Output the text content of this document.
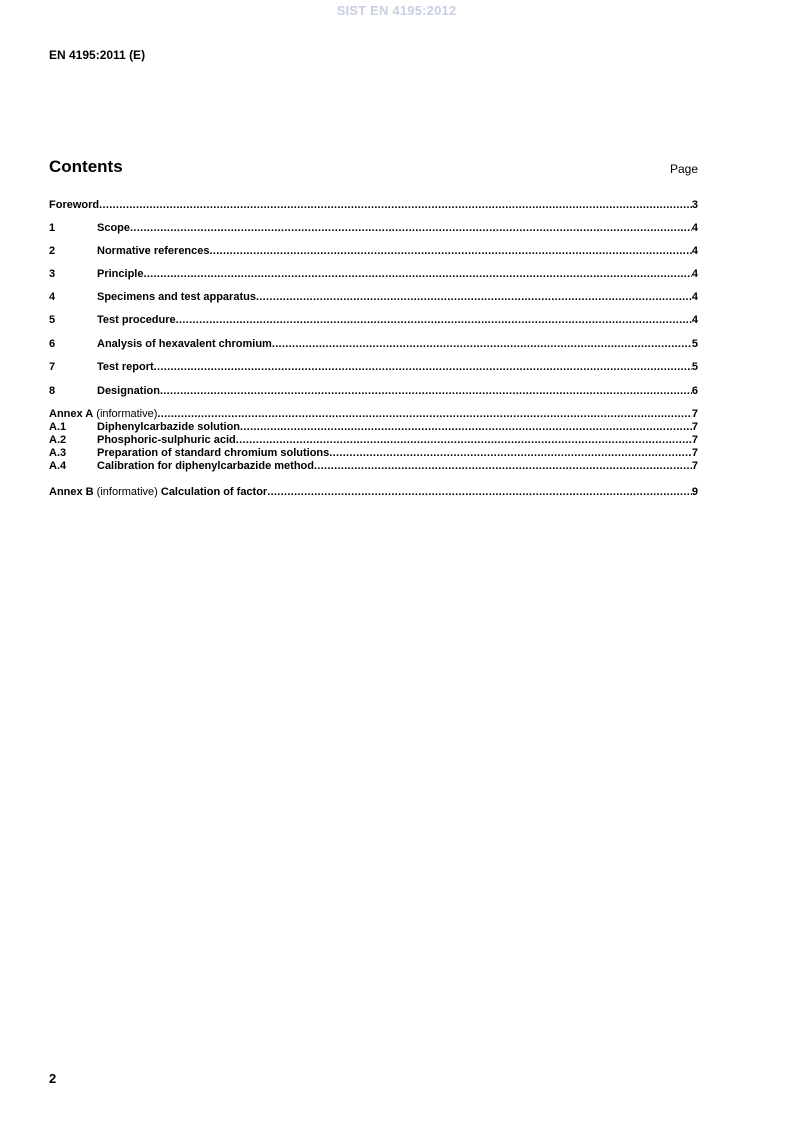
SIST EN 4195:2012
EN 4195:2011 (E)
Contents	Page
Foreword .....	3
1	Scope .....	4
2	Normative references .....	4
3	Principle .....	4
4	Specimens and test apparatus .....	4
5	Test procedure .....	4
6	Analysis of hexavalent chromium .....	5
7	Test report .....	5
8	Designation .....	6
Annex A (informative) .....	7
A.1	Diphenylcarbazide solution .....	7
A.2	Phosphoric-sulphuric acid .....	7
A.3	Preparation of standard chromium solutions .....	7
A.4	Calibration for diphenylcarbazide method .....	7
Annex B (informative) Calculation of factor .....	9
2
